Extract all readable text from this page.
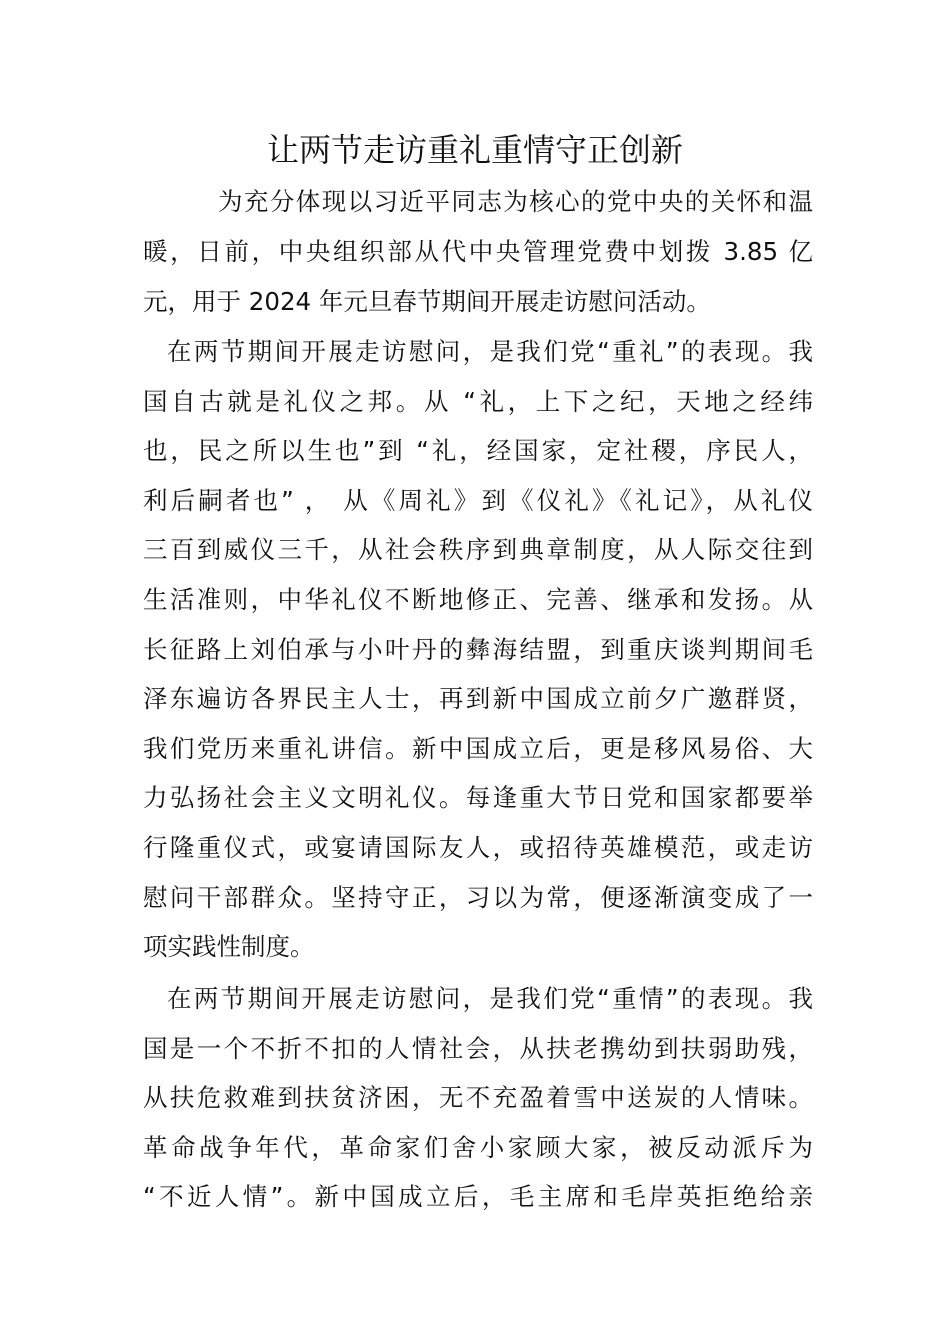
让两节走访重礼重情守正创新
为充分体现以习近平同志为核心的党中央的关怀和温
暖，日前，中央组织部从代中央管理党费中划拨 3.85 亿
元，用于 2024 年元旦春节期间开展走访慰问活动。
在两节期间开展走访慰问，是我们党“重礼”的表现。我
国自古就是礼仪之邦。从 “礼，上下之纪，天地之经纬
也，民之所以生也”到 “礼，经国家，定社稷，序民人，
利后嗣者也” ， 从《周礼》到《仪礼》《礼记》，从礼仪
三百到威仪三千，从社会秩序到典章制度，从人际交往到
生活准则，中华礼仪不断地修正、完善、继承和发扬。从
长征路上刘伯承与小叶丹的彝海结盟，到重庆谈判期间毛
泽东遍访各界民主人士，再到新中国成立前夕广邀群贤，
我们党历来重礼讲信。新中国成立后，更是移风易俗、大
力弘扬社会主义文明礼仪。每逢重大节日党和国家都要举
行隆重仪式，或宴请国际友人，或招待英雄模范，或走访
慰问干部群众。坚持守正，习以为常，便逐渐演变成了一
项实践性制度。
在两节期间开展走访慰问，是我们党“重情”的表现。我
国是一个不折不扣的人情社会，从扶老携幼到扶弱助残，
从扶危救难到扶贫济困，无不充盈着雪中送炭的人情味。
革命战争年代，革命家们舍小家顾大家，被反动派斥为
“不近人情”。新中国成立后，毛主席和毛岸英拒绝给亲
